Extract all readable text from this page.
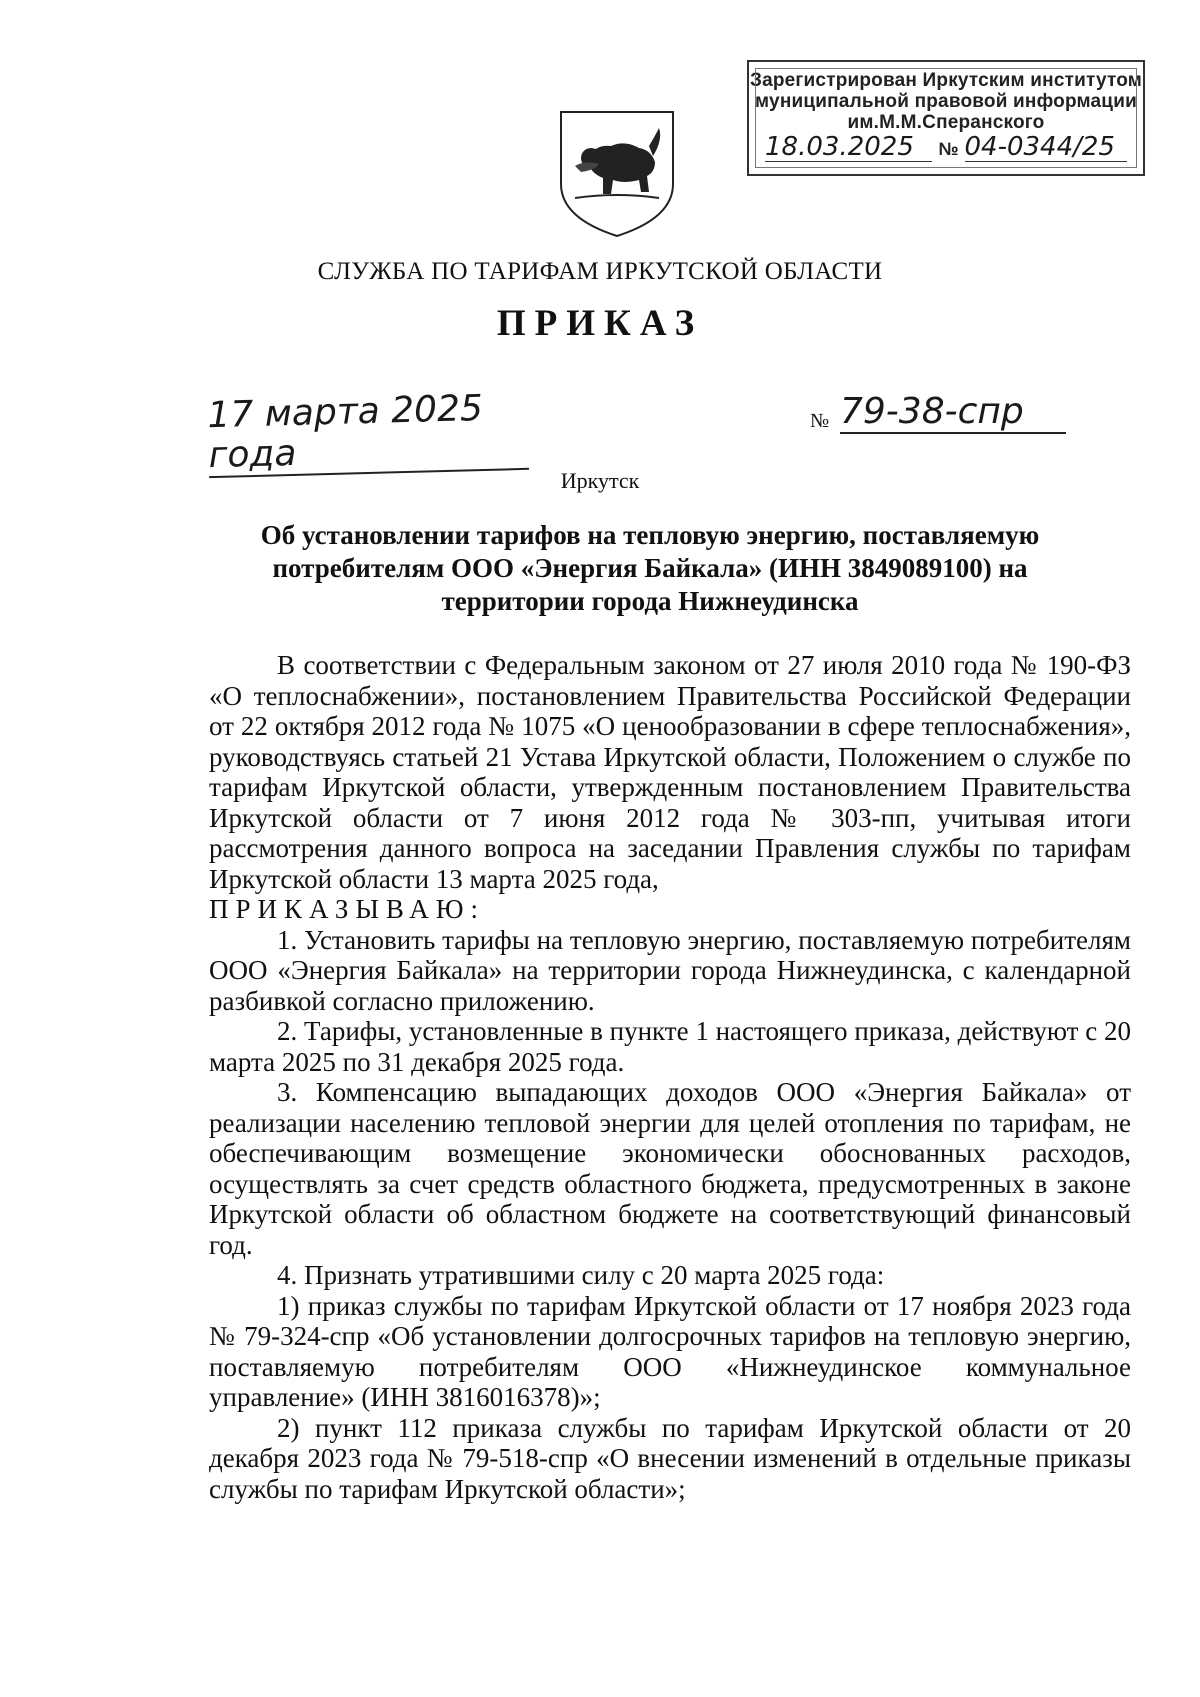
Зарегистрирован Иркутским институтом
муниципальной правовой информации
им.М.М.Сперанского
18.03.2025	№ 04-0344/25
СЛУЖБА ПО ТАРИФАМ ИРКУТСКОЙ ОБЛАСТИ
ПРИКАЗ
17 марта 2025 года
№ 79-38-спр
Иркутск
Об установлении тарифов на тепловую энергию, поставляемую потребителям ООО «Энергия Байкала» (ИНН 3849089100) на территории города Нижнеудинска

В соответствии с Федеральным законом от 27 июля 2010 года № 190-ФЗ «О теплоснабжении», постановлением Правительства Российской Федерации от 22 октября 2012 года № 1075 «О ценообразовании в сфере теплоснабжения», руководствуясь статьей 21 Устава Иркутской области, Положением о службе по тарифам Иркутской области, утвержденным постановлением Правительства Иркутской области от 7 июня 2012 года № 303-пп, учитывая итоги рассмотрения данного вопроса на заседании Правления службы по тарифам Иркутской области 13 марта 2025 года,

ПРИКАЗЫВАЮ:

1. Установить тарифы на тепловую энергию, поставляемую потребителям ООО «Энергия Байкала» на территории города Нижнеудинска, с календарной разбивкой согласно приложению.

2. Тарифы, установленные в пункте 1 настоящего приказа, действуют с 20 марта 2025 по 31 декабря 2025 года.

3. Компенсацию выпадающих доходов ООО «Энергия Байкала» от реализации населению тепловой энергии для целей отопления по тарифам, не обеспечивающим возмещение экономически обоснованных расходов, осуществлять за счет средств областного бюджета, предусмотренных в законе Иркутской области об областном бюджете на соответствующий финансовый год.

4. Признать утратившими силу с 20 марта 2025 года:

1) приказ службы по тарифам Иркутской области от 17 ноября 2023 года № 79-324-спр «Об установлении долгосрочных тарифов на тепловую энергию, поставляемую потребителям ООО «Нижнеудинское коммунальное управление» (ИНН 3816016378)»;

2) пункт 112 приказа службы по тарифам Иркутской области от 20 декабря 2023 года № 79-518-спр «О внесении изменений в отдельные приказы службы по тарифам Иркутской области»;
